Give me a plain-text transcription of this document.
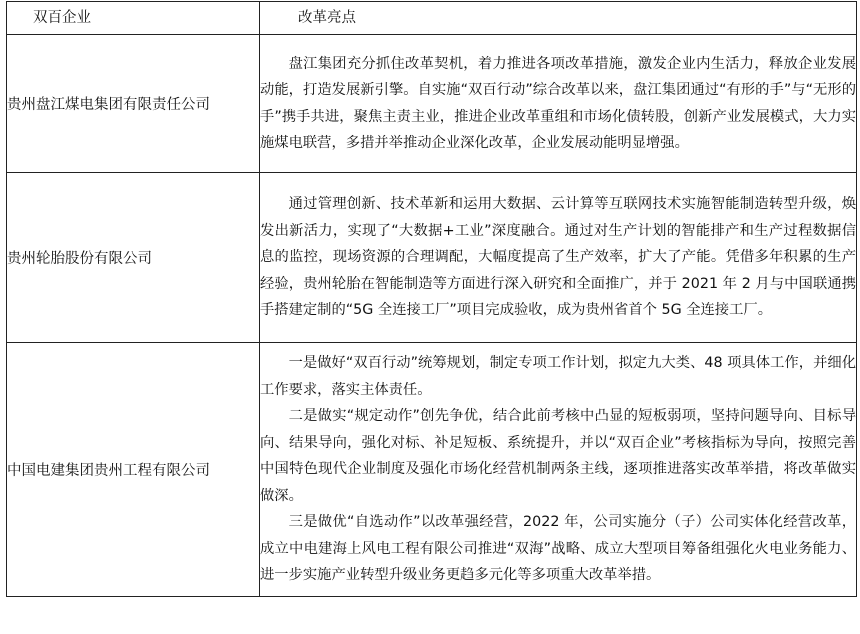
双百企业	改革亮点
贵州盘江煤电集团有限责任公司	盘江集团充分抓住改革契机，着力推进各项改革措施，激发企业内生活力，释放企业发展动能，打造发展新引擎。自实施“双百行动”综合改革以来，盘江集团通过“有形的手”与“无形的手”携手共进，聚焦主责主业，推进企业改革重组和市场化债转股，创新产业发展模式，大力实施煤电联营，多措并举推动企业深化改革，企业发展动能明显增强。

贵州轮胎股份有限公司	通过管理创新、技术革新和运用大数据、云计算等互联网技术实施智能制造转型升级，焕发出新活力，实现了“大数据+工业”深度融合。通过对生产计划的智能排产和生产过程数据信息的监控，现场资源的合理调配，大幅度提高了生产效率，扩大了产能。凭借多年积累的生产经验，贵州轮胎在智能制造等方面进行深入研究和全面推广，并于 2021 年 2 月与中国联通携手搭建定制的“5G 全连接工厂”项目完成验收，成为贵州省首个 5G 全连接工厂。

中国电建集团贵州工程有限公司	一是做好“双百行动”统筹规划，制定专项工作计划，拟定九大类、48 项具体工作，并细化工作要求，落实主体责任。

二是做实“规定动作”创先争优，结合此前考核中凸显的短板弱项，坚持问题导向、目标导向、结果导向，强化对标、补足短板、系统提升，并以“双百企业”考核指标为导向，按照完善中国特色现代企业制度及强化市场化经营机制两条主线，逐项推进落实改革举措，将改革做实做深。

三是做优“自选动作”以改革强经营，2022 年，公司实施分（子）公司实体化经营改革，成立中电建海上风电工程有限公司推进“双海”战略、成立大型项目筹备组强化火电业务能力、进一步实施产业转型升级业务更趋多元化等多项重大改革举措。
